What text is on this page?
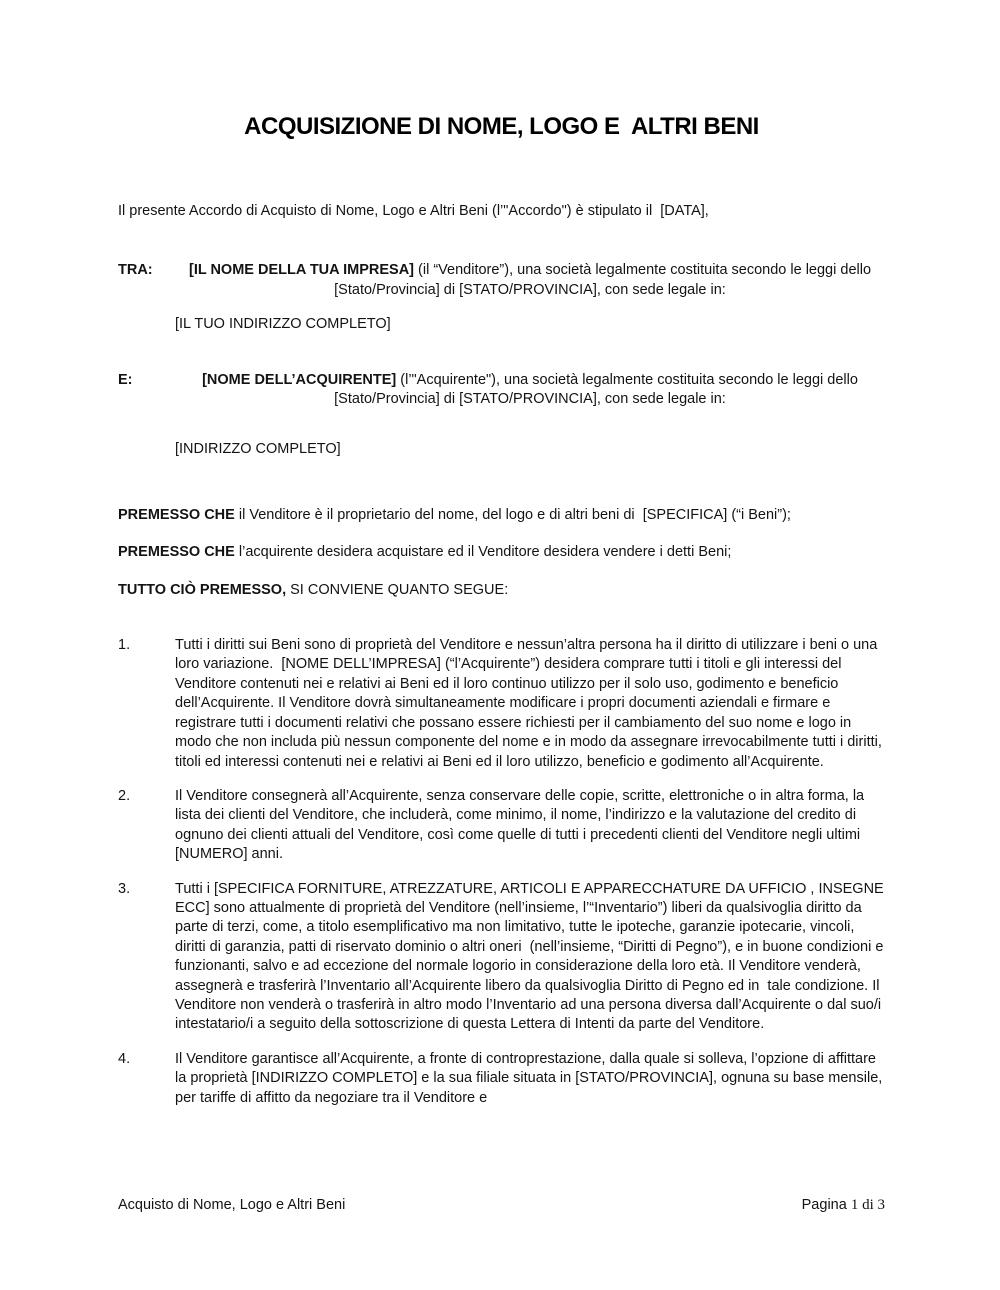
ACQUISIZIONE DI NOME, LOGO E  ALTRI BENI

Il presente Accordo di Acquisto di Nome, Logo e Altri Beni (l’"Accordo") è stipulato il  [DATA],

TRA:	[IL NOME DELLA TUA IMPRESA] (il “Venditore”), una società legalmente costituita secondo le leggi dello [Stato/Provincia] di [STATO/PROVINCIA], con sede legale in:

[IL TUO INDIRIZZO COMPLETO]

E:	[NOME DELL’ACQUIRENTE] (l’"Acquirente"), una società legalmente costituita secondo le leggi dello [Stato/Provincia] di [STATO/PROVINCIA], con sede legale in:

[INDIRIZZO COMPLETO]

PREMESSO CHE il Venditore è il proprietario del nome, del logo e di altri beni di  [SPECIFICA] (“i Beni”);

PREMESSO CHE l’acquirente desidera acquistare ed il Venditore desidera vendere i detti Beni;

TUTTO CIÒ PREMESSO, SI CONVIENE QUANTO SEGUE:

1.	Tutti i diritti sui Beni sono di proprietà del Venditore e nessun’altra persona ha il diritto di utilizzare i beni o una loro variazione.  [NOME DELL’IMPRESA] (“l’Acquirente”) desidera comprare tutti i titoli e gli interessi del Venditore contenuti nei e relativi ai Beni ed il loro continuo utilizzo per il solo uso, godimento e beneficio dell’Acquirente. Il Venditore dovrà simultaneamente modificare i propri documenti aziendali e firmare e registrare tutti i documenti relativi che possano essere richiesti per il cambiamento del suo nome e logo in modo che non includa più nessun componente del nome e in modo da assegnare irrevocabilmente tutti i diritti, titoli ed interessi contenuti nei e relativi ai Beni ed il loro utilizzo, beneficio e godimento all’Acquirente.
2.	Il Venditore consegnerà all’Acquirente, senza conservare delle copie, scritte, elettroniche o in altra forma, la lista dei clienti del Venditore, che includerà, come minimo, il nome, l’indirizzo e la valutazione del credito di ognuno dei clienti attuali del Venditore, così come quelle di tutti i precedenti clienti del Venditore negli ultimi [NUMERO] anni.
3.	Tutti i [SPECIFICA FORNITURE, ATREZZATURE, ARTICOLI E APPARECCHATURE DA UFFICIO , INSEGNE ECC] sono attualmente di proprietà del Venditore (nell’insieme, l’“Inventario”) liberi da qualsivoglia diritto da parte di terzi, come, a titolo esemplificativo ma non limitativo, tutte le ipoteche, garanzie ipotecarie, vincoli, diritti di garanzia, patti di riservato dominio o altri oneri  (nell’insieme, “Diritti di Pegno”), e in buone condizioni e funzionanti, salvo e ad eccezione del normale logorio in considerazione della loro età. Il Venditore venderà, assegnerà e trasferirà l’Inventario all’Acquirente libero da qualsivoglia Diritto di Pegno ed in  tale condizione. Il Venditore non venderà o trasferirà in altro modo l’Inventario ad una persona diversa dall’Acquirente o dal suo/i intestatario/i a seguito della sottoscrizione di questa Lettera di Intenti da parte del Venditore.
4.	Il Venditore garantisce all’Acquirente, a fronte di controprestazione, dalla quale si solleva, l’opzione di affittare la proprietà [INDIRIZZO COMPLETO] e la sua filiale situata in [STATO/PROVINCIA], ognuna su base mensile, per tariffe di affitto da negoziare tra il Venditore e
Acquisto di Nome, Logo e Altri Beni	Pagina 1 di 3
